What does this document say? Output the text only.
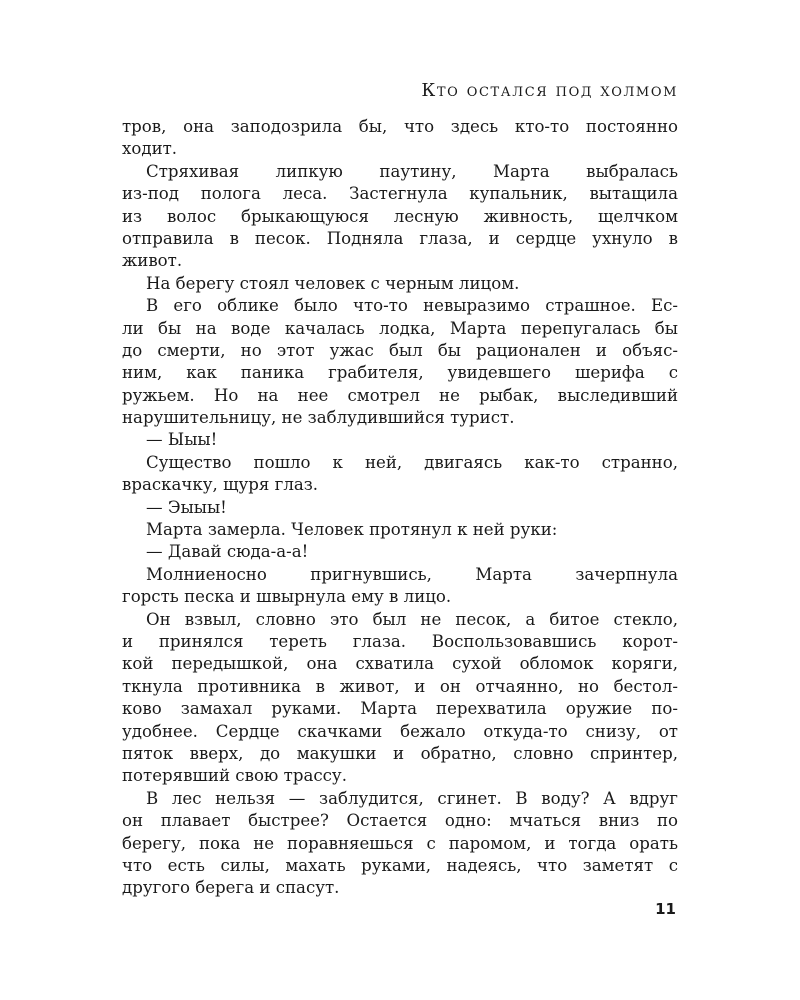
Кто остался под холмом
тров, она заподозрила бы, что здесь кто-то постоянно
ходит.
Стряхивая липкую паутину, Марта выбралась
из-под полога леса. Застегнула купальник, вытащила
из волос брыкающуюся лесную живность, щелчком
отправила в песок. Подняла глаза, и сердце ухнуло в
живот.
На берегу стоял человек с черным лицом.
В его облике было что-то невыразимо страшное. Ес-
ли бы на воде качалась лодка, Марта перепугалась бы
до смерти, но этот ужас был бы рационален и объяс-
ним, как паника грабителя, увидевшего шерифа с
ружьем. Но на нее смотрел не рыбак, выследивший
нарушительницу, не заблудившийся турист.
— Ыыы!
Существо пошло к ней, двигаясь как-то странно,
враскачку, щуря глаз.
— Эыыы!
Марта замерла. Человек протянул к ней руки:
— Давай сюда-а-а!
Молниеносно пригнувшись, Марта зачерпнула
горсть песка и швырнула ему в лицо.
Он взвыл, словно это был не песок, а битое стекло,
и принялся тереть глаза. Воспользовавшись корот-
кой передышкой, она схватила сухой обломок коряги,
ткнула противника в живот, и он отчаянно, но бестол-
ково замахал руками. Марта перехватила оружие по-
удобнее. Сердце скачками бежало откуда-то снизу, от
пяток вверх, до макушки и обратно, словно спринтер,
потерявший свою трассу.
В лес нельзя — заблудится, сгинет. В воду? А вдруг
он плавает быстрее? Остается одно: мчаться вниз по
берегу, пока не поравняешься с паромом, и тогда орать
что есть силы, махать руками, надеясь, что заметят с
другого берега и спасут.
11
